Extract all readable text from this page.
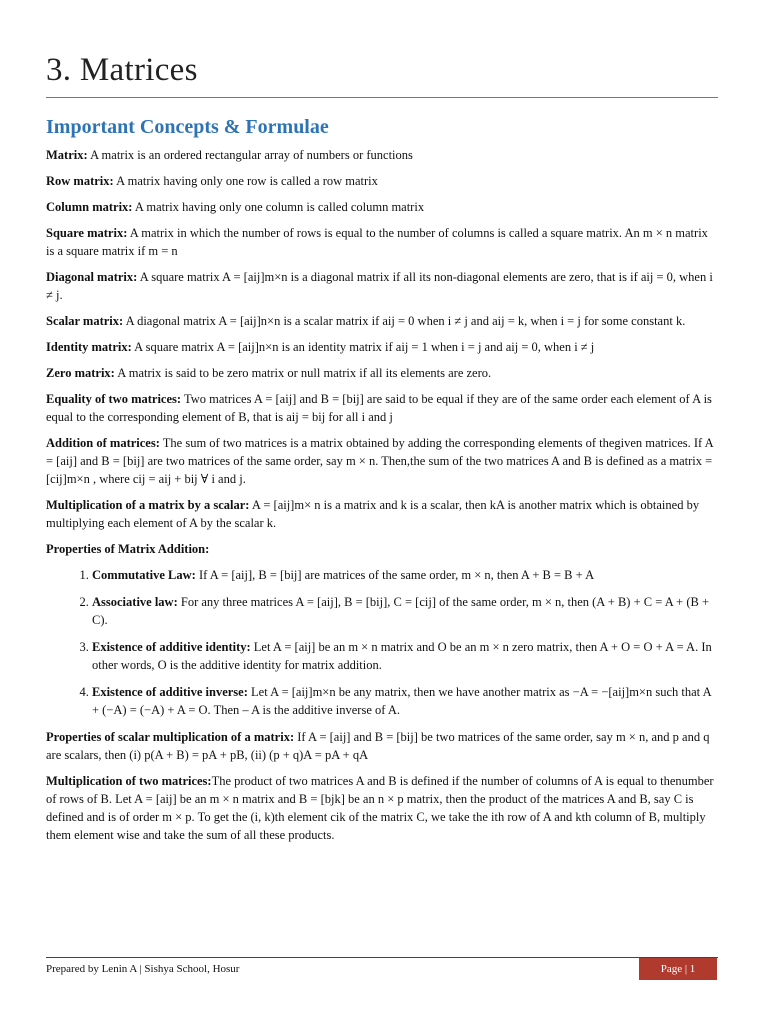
3. Matrices
Important Concepts & Formulae

Matrix: A matrix is an ordered rectangular array of numbers or functions

Row matrix: A matrix having only one row is called a row matrix

Column matrix: A matrix having only one column is called column matrix

Square matrix: A matrix in which the number of rows is equal to the number of columns is called a square matrix. An m × n matrix is a square matrix if m = n

Diagonal matrix: A square matrix A = [aij]m×n is a diagonal matrix if all its non-diagonal elements are zero, that is if aij = 0, when i ≠ j.

Scalar matrix: A diagonal matrix A = [aij]n×n is a scalar matrix if aij = 0 when i ≠ j and aij = k, when i = j for some constant k.

Identity matrix: A square matrix A = [aij]n×n is an identity matrix if aij = 1 when i = j and aij = 0, when i ≠ j

Zero matrix: A matrix is said to be zero matrix or null matrix if all its elements are zero.

Equality of two matrices: Two matrices A = [aij] and B = [bij] are said to be equal if they are of the same order each element of A is equal to the corresponding element of B, that is aij = bij for all i and j

Addition of matrices: The sum of two matrices is a matrix obtained by adding the corresponding elements of thegiven matrices. If A = [aij] and B = [bij] are two matrices of the same order, say m × n. Then,the sum of the two matrices A and B is defined as a matrix = [cij]m×n , where cij = aij + bij ∀ i and j.

Multiplication of a matrix by a scalar: A = [aij]m× n is a matrix and k is a scalar, then kA is another matrix which is obtained by multiplying each element of A by the scalar k.

Properties of Matrix Addition:

1. Commutative Law: If A = [aij], B = [bij] are matrices of the same order, m × n, then A + B = B + A
2. Associative law: For any three matrices A = [aij], B = [bij], C = [cij] of the same order, m × n, then (A + B) + C = A + (B + C).
3. Existence of additive identity: Let A = [aij] be an m × n matrix and O be an m × n zero matrix, then A + O = O + A = A. In other words, O is the additive identity for matrix addition.
4. Existence of additive inverse: Let A = [aij]m×n be any matrix, then we have another matrix as −A = −[aij]m×n such that A + (−A) = (−A) + A = O. Then – A is the additive inverse of A.

Properties of scalar multiplication of a matrix: If A = [aij] and B = [bij] be two matrices of the same order, say m × n, and p and q are scalars, then (i) p(A + B) = pA + pB, (ii) (p + q)A = pA + qA

Multiplication of two matrices:The product of two matrices A and B is defined if the number of columns of A is equal to thenumber of rows of B. Let A = [aij] be an m × n matrix and B = [bjk] be an n × p matrix, then the product of the matrices A and B, say C is defined and is of order m × p. To get the (i, k)th element cik of the matrix C, we take the ith row of A and kth column of B, multiply them element wise and take the sum of all these products.

Prepared by Lenin A | Sishya School, Hosur	Page | 1
